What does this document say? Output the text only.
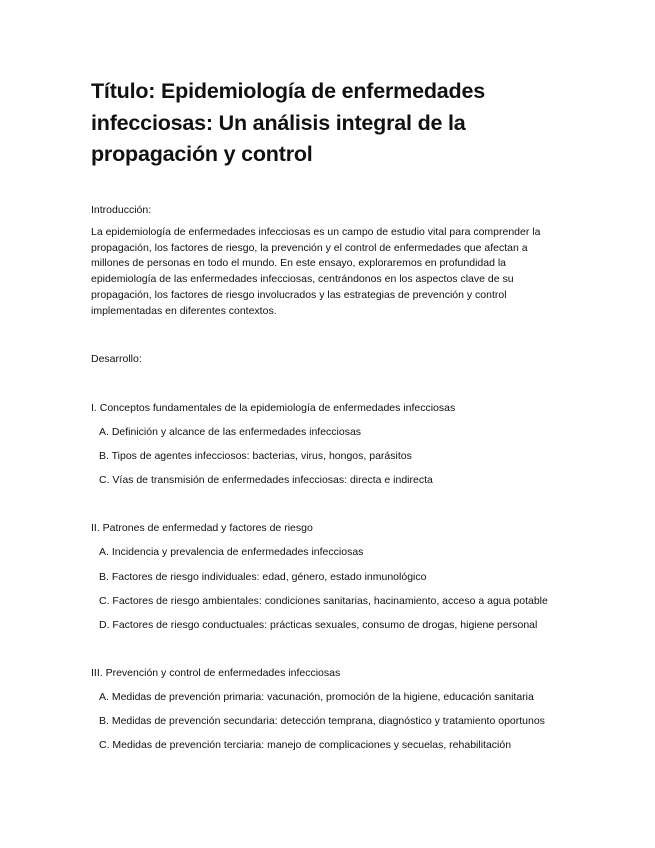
Título: Epidemiología de enfermedades infecciosas: Un análisis integral de la propagación y control

Introducción:

La epidemiología de enfermedades infecciosas es un campo de estudio vital para comprender la propagación, los factores de riesgo, la prevención y el control de enfermedades que afectan a millones de personas en todo el mundo. En este ensayo, exploraremos en profundidad la epidemiología de las enfermedades infecciosas, centrándonos en los aspectos clave de su propagación, los factores de riesgo involucrados y las estrategias de prevención y control implementadas en diferentes contextos.

Desarrollo:

I. Conceptos fundamentales de la epidemiología de enfermedades infecciosas

A. Definición y alcance de las enfermedades infecciosas

B. Tipos de agentes infecciosos: bacterias, virus, hongos, parásitos

C. Vías de transmisión de enfermedades infecciosas: directa e indirecta

II. Patrones de enfermedad y factores de riesgo

A. Incidencia y prevalencia de enfermedades infecciosas

B. Factores de riesgo individuales: edad, género, estado inmunológico

C. Factores de riesgo ambientales: condiciones sanitarias, hacinamiento, acceso a agua potable

D. Factores de riesgo conductuales: prácticas sexuales, consumo de drogas, higiene personal

III. Prevención y control de enfermedades infecciosas

A. Medidas de prevención primaria: vacunación, promoción de la higiene, educación sanitaria

B. Medidas de prevención secundaria: detección temprana, diagnóstico y tratamiento oportunos

C. Medidas de prevención terciaria: manejo de complicaciones y secuelas, rehabilitación
